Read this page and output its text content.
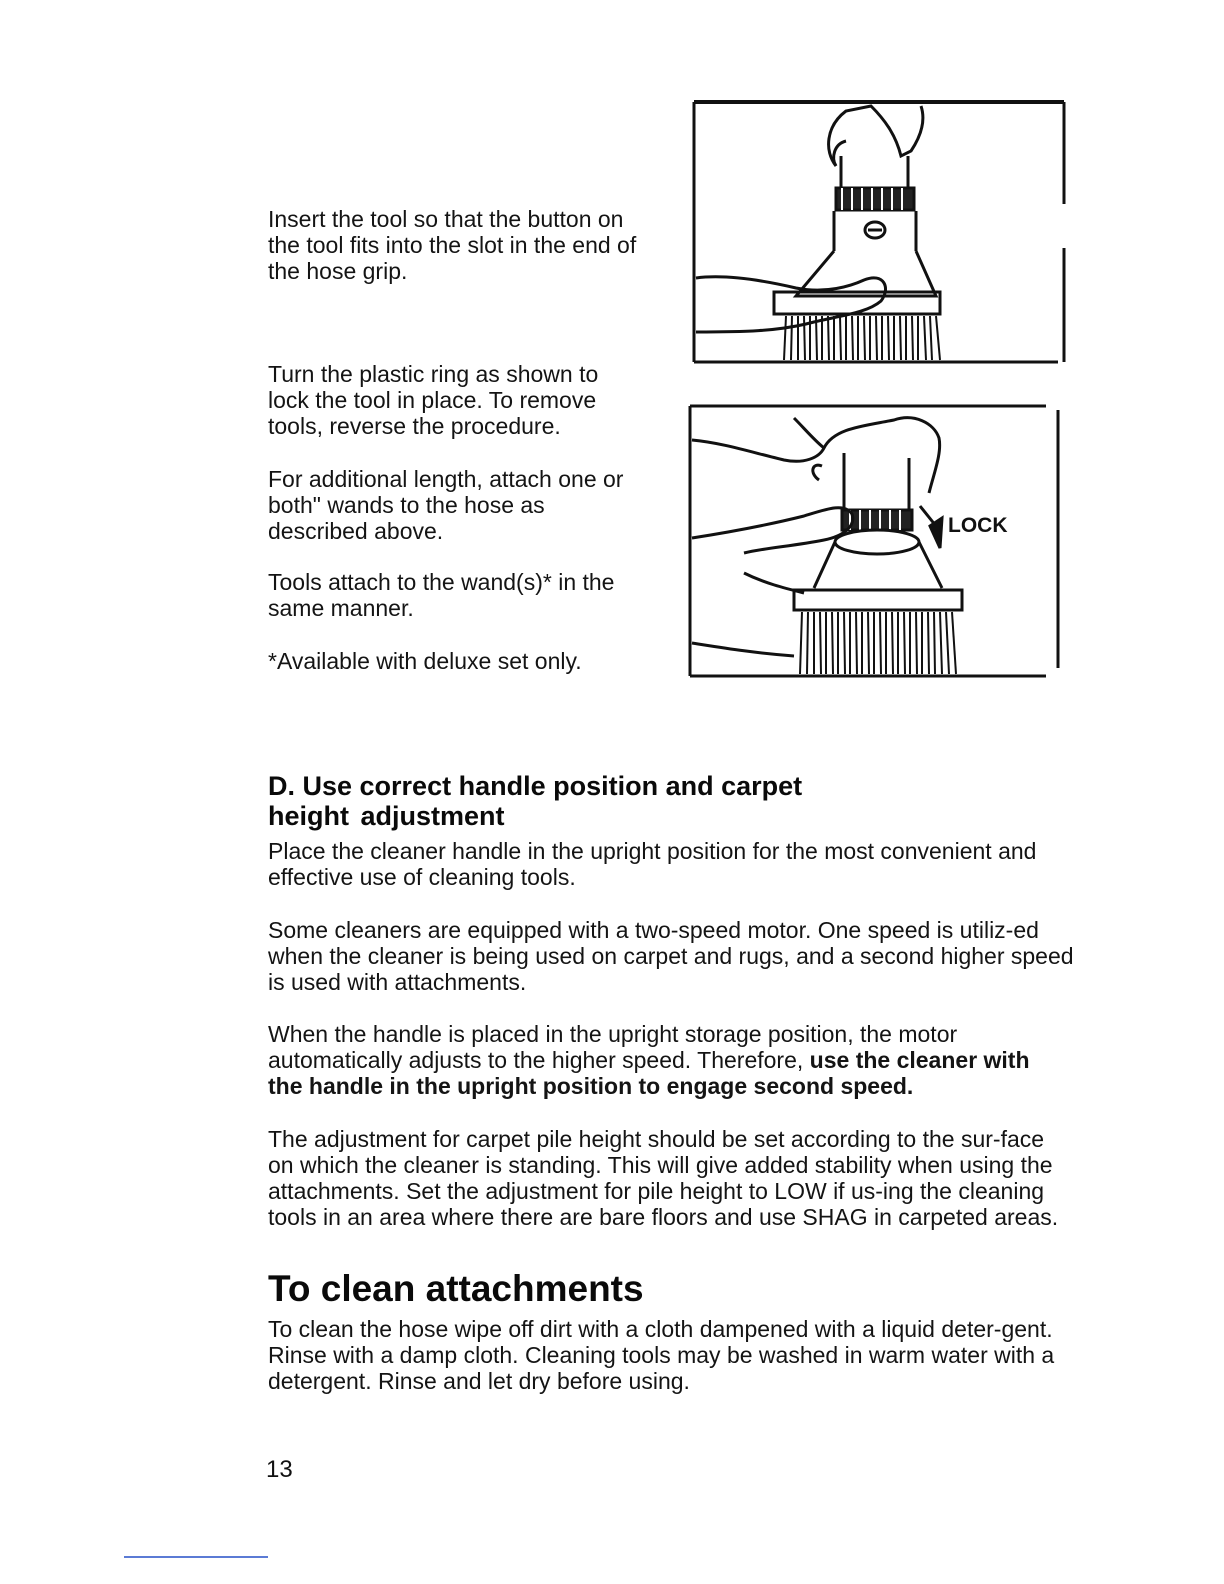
Insert the tool so that the button on the tool fits into the slot in the end of the hose grip.

Turn the plastic ring as shown to lock the tool in place. To remove tools, reverse the procedure.

For additional length, attach one or both" wands to the hose as described above.

Tools attach to the wand(s)* in the same manner.

*Available with deluxe set only.

LOCK
D. Use correct handle position and carpet
height adjustment

Place the cleaner handle in the upright position for the most convenient and effective use of cleaning tools.

Some cleaners are equipped with a two-speed motor. One speed is utiliz-ed when the cleaner is being used on carpet and rugs, and a second higher speed is used with attachments.

When the handle is placed in the upright storage position, the motor automatically adjusts to the higher speed. Therefore, use the cleaner with the handle in the upright position to engage second speed.

The adjustment for carpet pile height should be set according to the sur-face on which the cleaner is standing. This will give added stability when using the attachments. Set the adjustment for pile height to LOW if us-ing the cleaning tools in an area where there are bare floors and use SHAG in carpeted areas.

To clean attachments

To clean the hose wipe off dirt with a cloth dampened with a liquid deter-gent. Rinse with a damp cloth. Cleaning tools may be washed in warm water with a detergent. Rinse and let dry before using.

13
